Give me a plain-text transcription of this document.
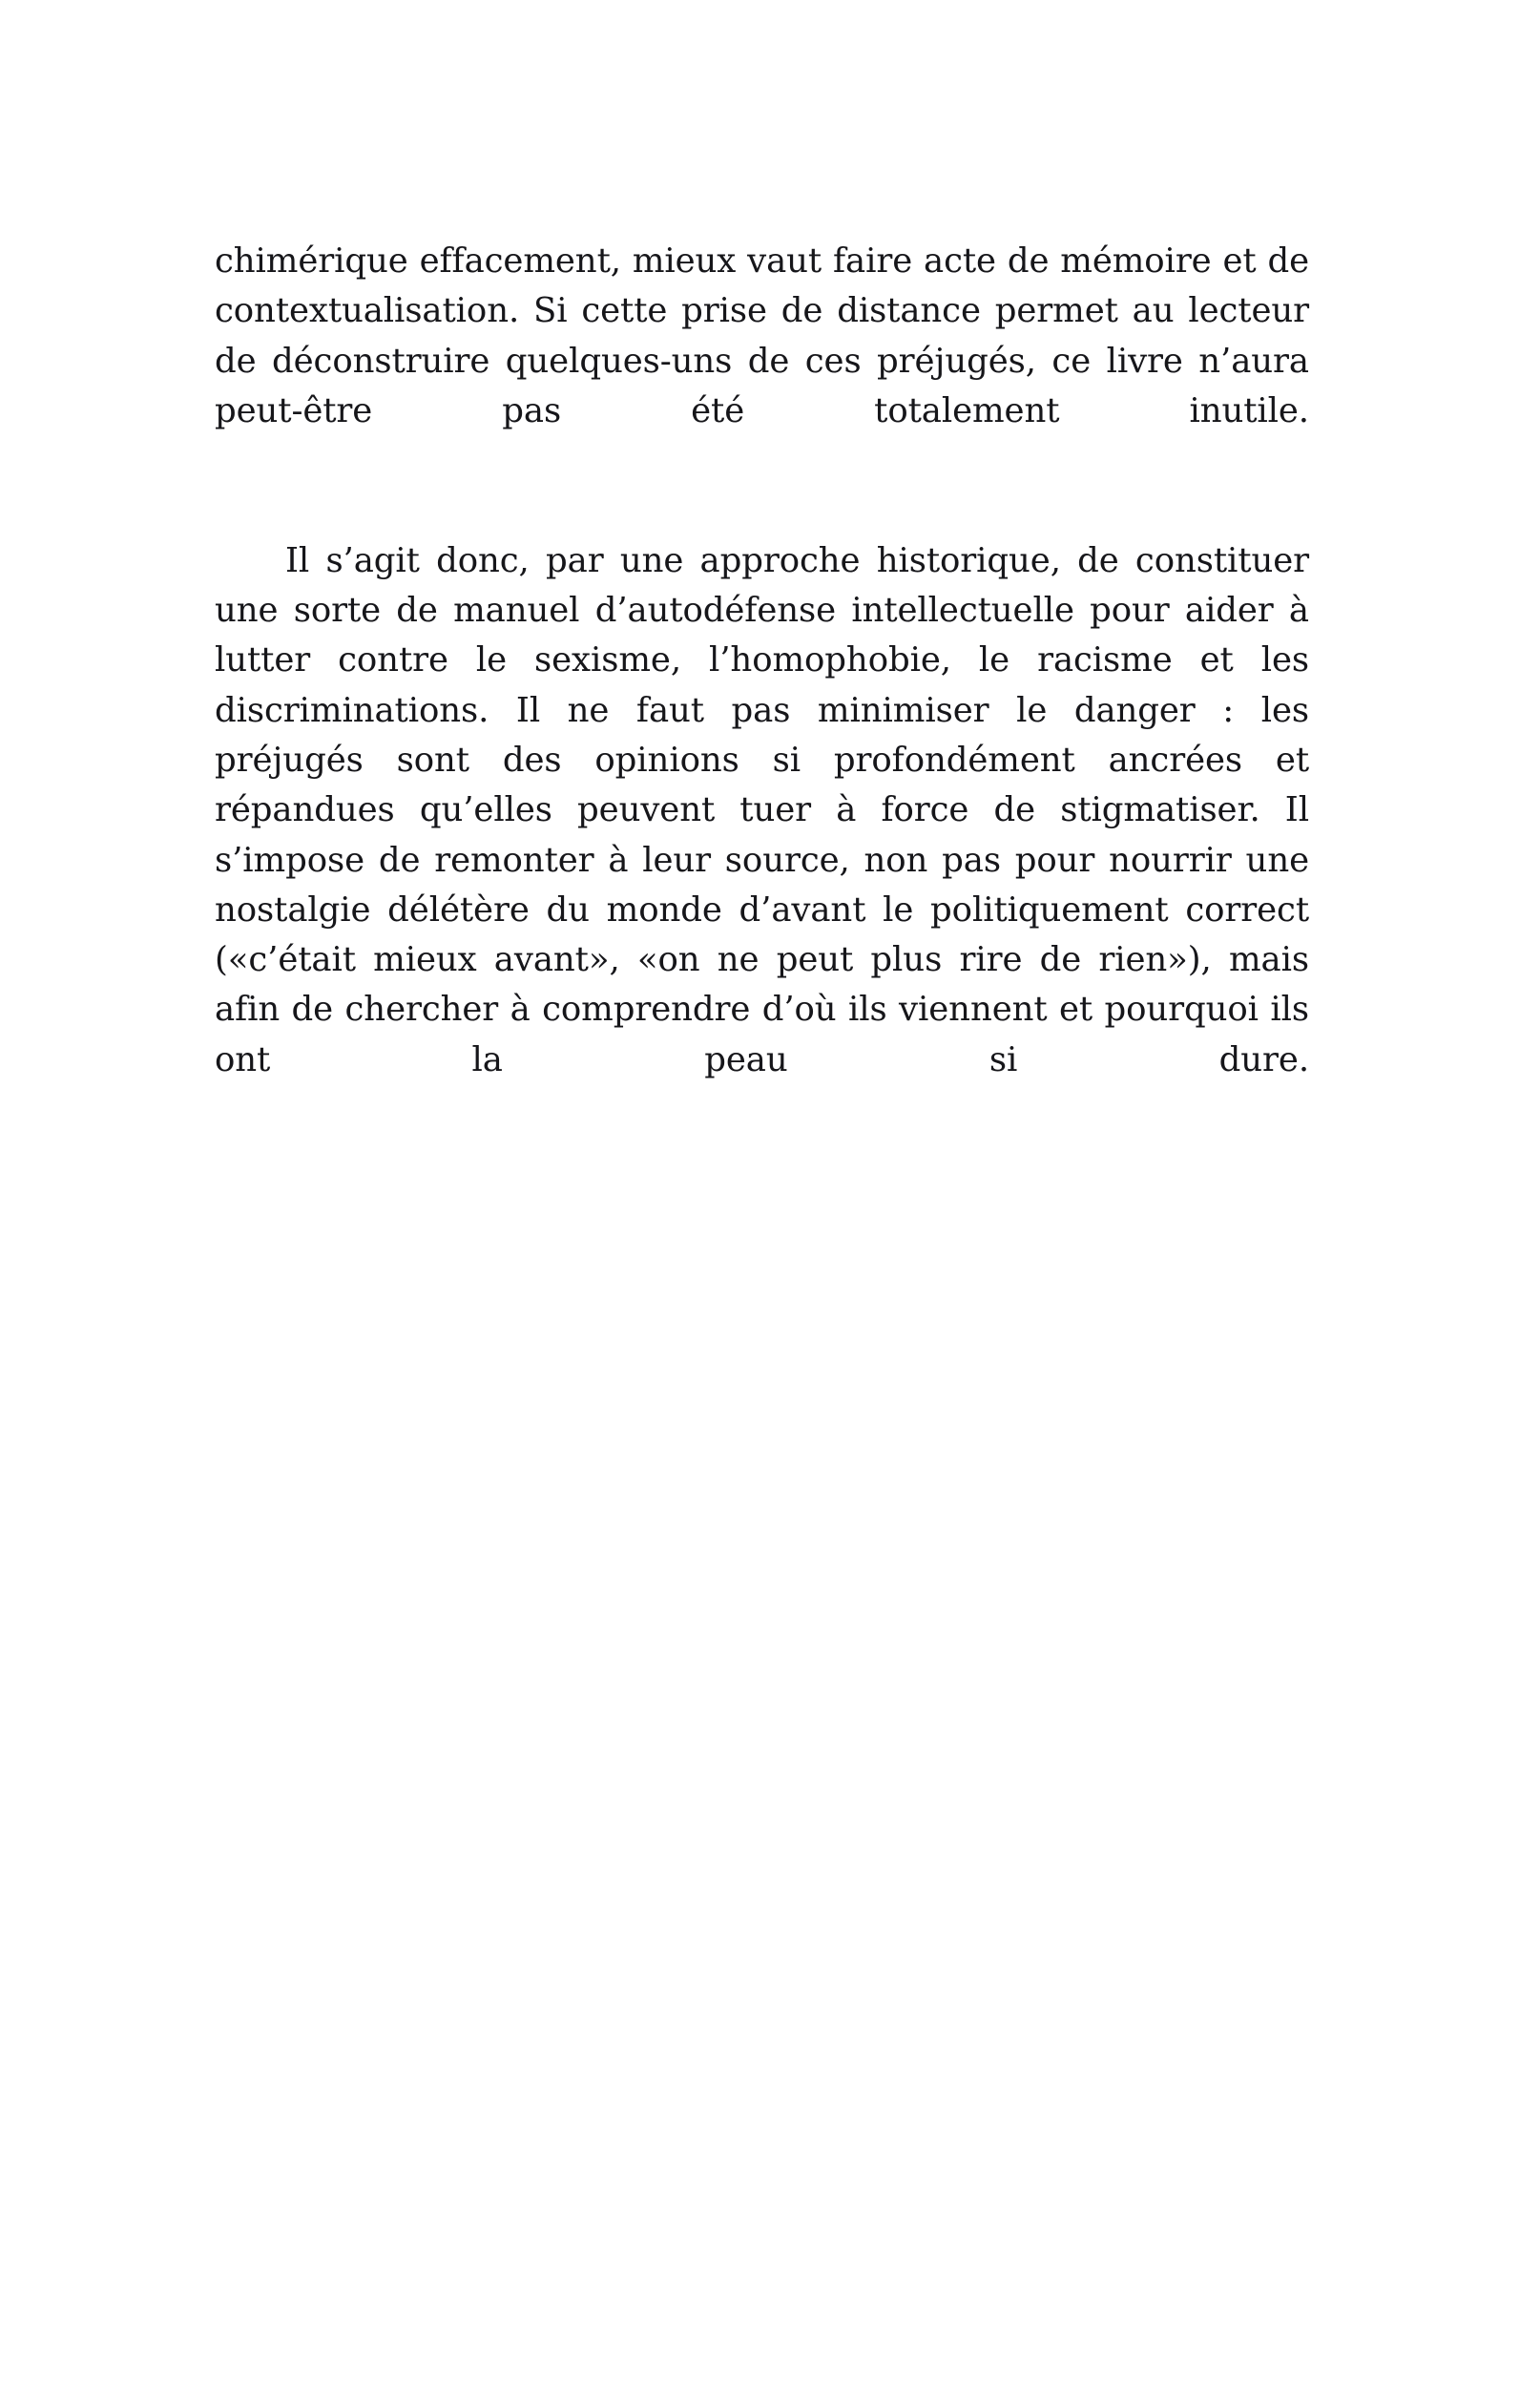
chimérique effacement, mieux vaut faire acte de mémoire et de contextualisation. Si cette prise de distance permet au lecteur de déconstruire quelques-uns de ces préjugés, ce livre n’aura peut-être pas été totalement inutile.

Il s’agit donc, par une approche historique, de constituer une sorte de manuel d’autodéfense intellectuelle pour aider à lutter contre le sexisme, l’homophobie, le racisme et les discriminations. Il ne faut pas minimiser le danger : les préjugés sont des opinions si profondément ancrées et répandues qu’elles peuvent tuer à force de stigmatiser. Il s’impose de remonter à leur source, non pas pour nourrir une nostalgie délétère du monde d’avant le politiquement correct («c’était mieux avant», «on ne peut plus rire de rien»), mais afin de chercher à comprendre d’où ils viennent et pourquoi ils ont la peau si dure.
